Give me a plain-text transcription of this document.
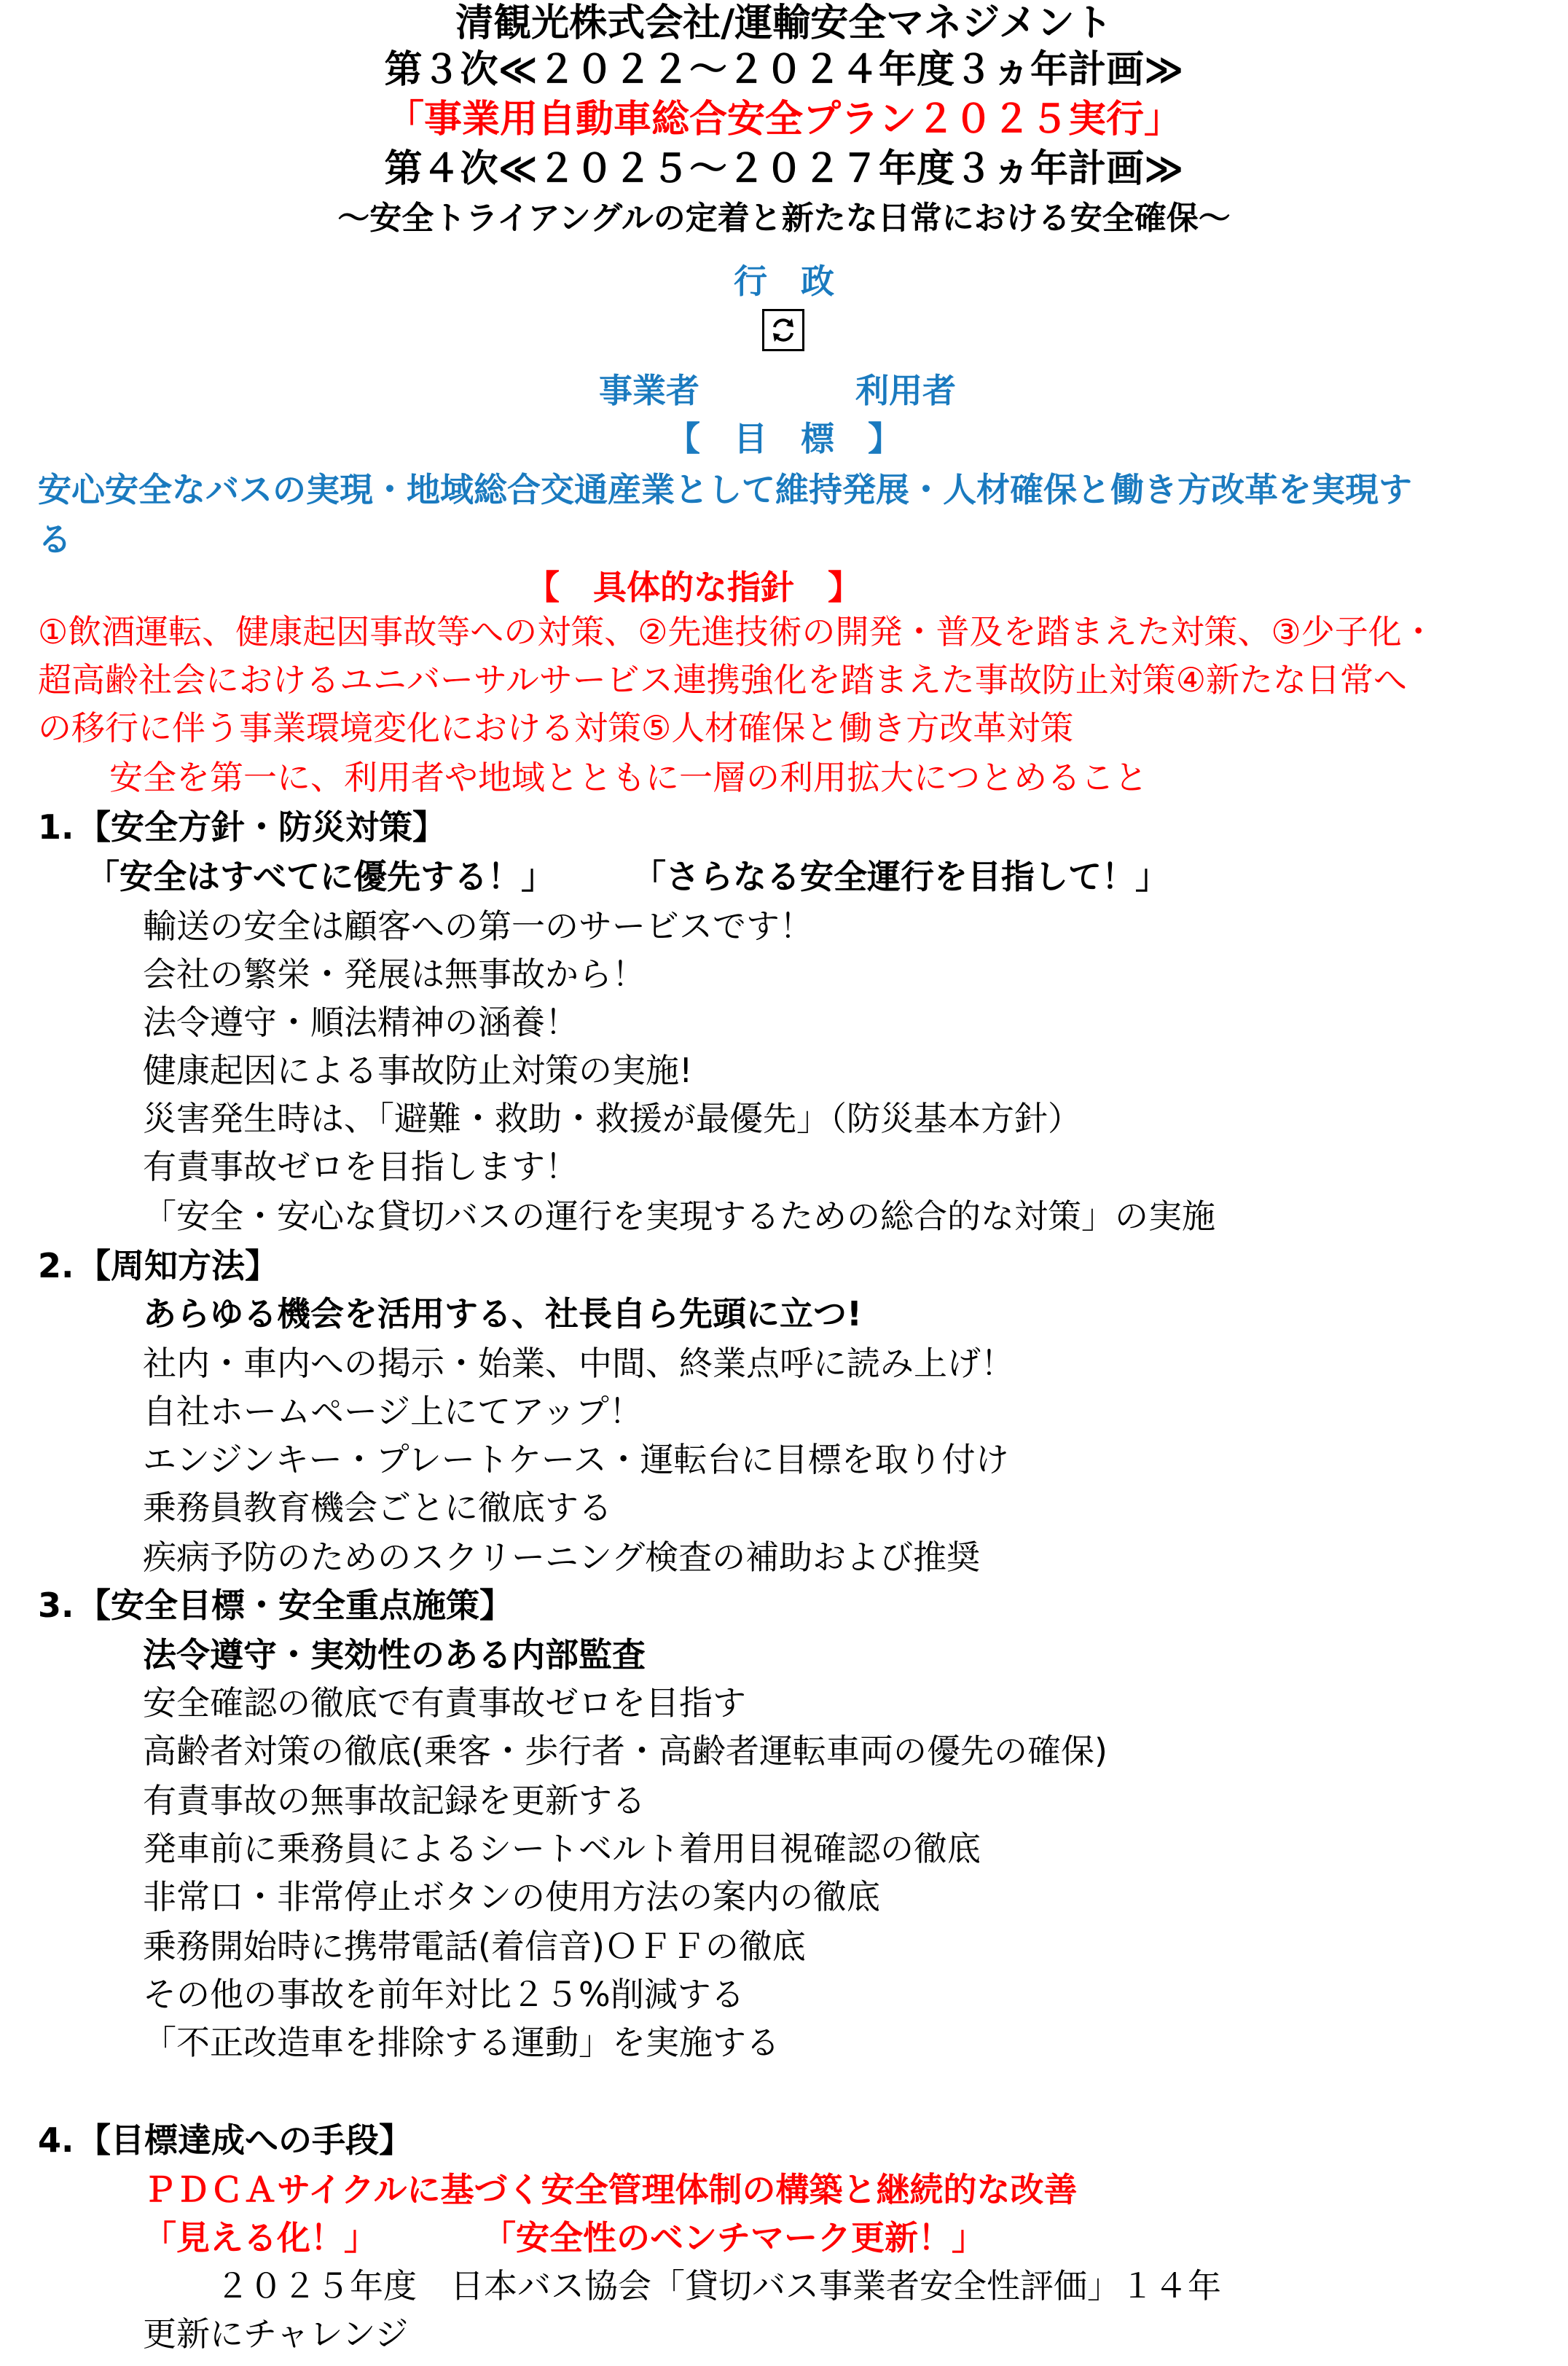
清観光株式会社/運輸安全マネジメント
第３次≪２０２２～２０２４年度３ヵ年計画≫
「事業用自動車総合安全プラン２０２５実行」
第４次≪２０２５～２０２７年度３ヵ年計画≫
～安全トライアングルの定着と新たな日常における安全確保～
行　政
事業者	利用者
【　目　標　】
安心安全なバスの実現・地域総合交通産業として維持発展・人材確保と働き方改革を実現す
る
【　具体的な指針　】
①飲酒運転、健康起因事故等への対策、②先進技術の開発・普及を踏まえた対策、③少子化・
超高齢社会におけるユニバーサルサービス連携強化を踏まえた事故防止対策④新たな日常へ
の移行に伴う事業環境変化における対策⑤人材確保と働き方改革対策
安全を第一に、利用者や地域とともに一層の利用拡大につとめること
1. 【安全方針・防災対策】
「安全はすべてに優先する！」 「さらなる安全運行を目指して！」
輸送の安全は顧客への第一のサービスです！
会社の繁栄・発展は無事故から！
法令遵守・順法精神の涵養！
健康起因による事故防止対策の実施!
災害発生時は、「避難・救助・救援が最優先」（防災基本方針）
有責事故ゼロを目指します！
「安全・安心な貸切バスの運行を実現するための総合的な対策」の実施
2. 【周知方法】
あらゆる機会を活用する、社長自ら先頭に立つ!
社内・車内への掲示・始業、中間、終業点呼に読み上げ！
自社ホームページ上にてアップ！
エンジンキー・プレートケース・運転台に目標を取り付け
乗務員教育機会ごとに徹底する
疾病予防のためのスクリーニング検査の補助および推奨
3. 【安全目標・安全重点施策】
法令遵守・実効性のある内部監査
安全確認の徹底で有責事故ゼロを目指す
高齢者対策の徹底(乗客・歩行者・高齢者運転車両の優先の確保)
有責事故の無事故記録を更新する
発車前に乗務員によるシートベルト着用目視確認の徹底
非常口・非常停止ボタンの使用方法の案内の徹底
乗務開始時に携帯電話(着信音)ＯＦＦの徹底
その他の事故を前年対比２５%削減する
「不正改造車を排除する運動」を実施する
4. 【目標達成への手段】
ＰＤＣＡサイクルに基づく安全管理体制の構築と継続的な改善
「見える化！」	「安全性のベンチマーク更新！」
２０２５年度　日本バス協会「貸切バス事業者安全性評価」１４年
更新にチャレンジ
